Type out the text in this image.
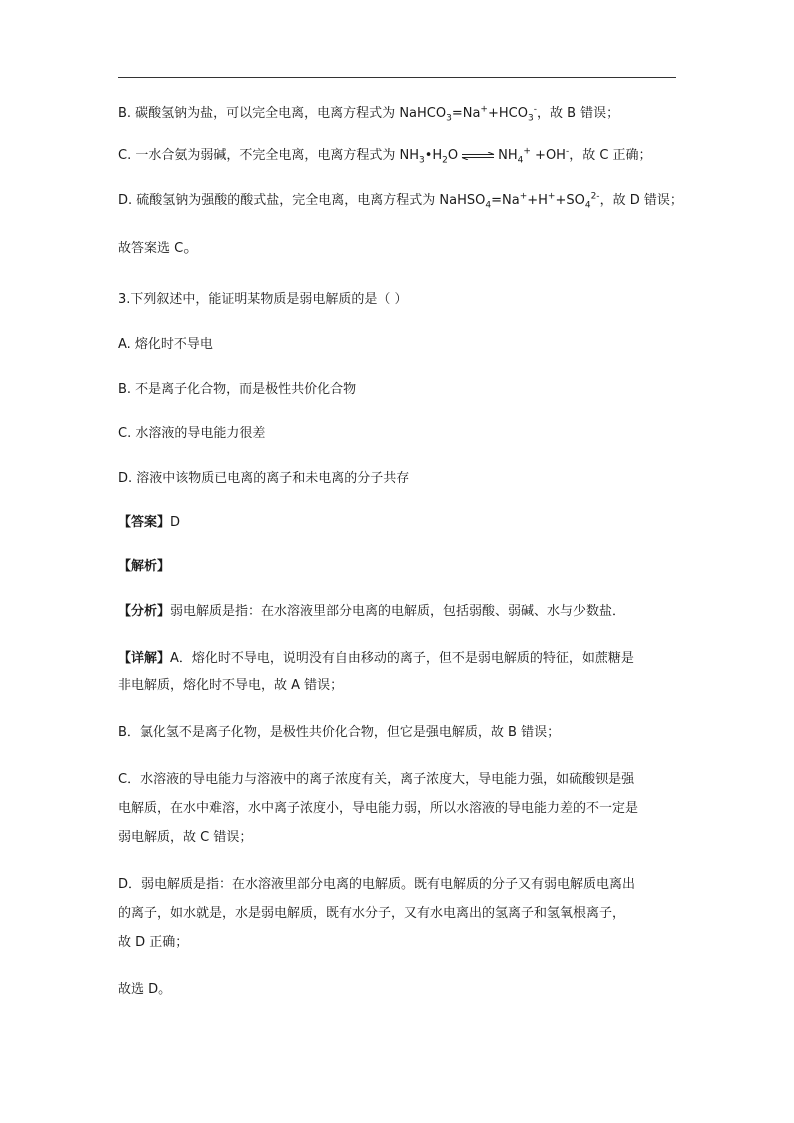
B. 碳酸氢钠为盐，可以完全电离，电离方程式为 $NaHCO_3=Na^++HCO_3^-$，故 B 错误；
C. 一水合氨为弱碱，不完全电离，电离方程式为 $NH_3•H_2O$ ⇌ $NH_4^+ +OH^-$，故 C 正确；
D. 硫酸氢钠为强酸的酸式盐，完全电离，电离方程式为 $NaHSO_4=Na^++H^++SO_4^{2-}$，故 D 错误；
故答案选 C。
3.下列叙述中，能证明某物质是弱电解质的是（ ）
A. 熔化时不导电
B. 不是离子化合物，而是极性共价化合物
C. 水溶液的导电能力很差
D. 溶液中该物质已电离的离子和未电离的分子共存
【答案】D
【解析】
【分析】弱电解质是指：在水溶液里部分电离的电解质，包括弱酸、弱碱、水与少数盐．
【详解】A．熔化时不导电，说明没有自由移动的离子，但不是弱电解质的特征，如蔗糖是
非电解质，熔化时不导电，故 A 错误；
B．氯化氢不是离子化物，是极性共价化合物，但它是强电解质，故 B 错误；
C．水溶液的导电能力与溶液中的离子浓度有关，离子浓度大，导电能力强，如硫酸钡是强
电解质，在水中难溶，水中离子浓度小，导电能力弱，所以水溶液的导电能力差的不一定是
弱电解质，故 C 错误；
D．弱电解质是指：在水溶液里部分电离的电解质。既有电解质的分子又有弱电解质电离出
的离子，如水就是，水是弱电解质，既有水分子，又有水电离出的氢离子和氢氧根离子，
故 D 正确；
故选 D。
